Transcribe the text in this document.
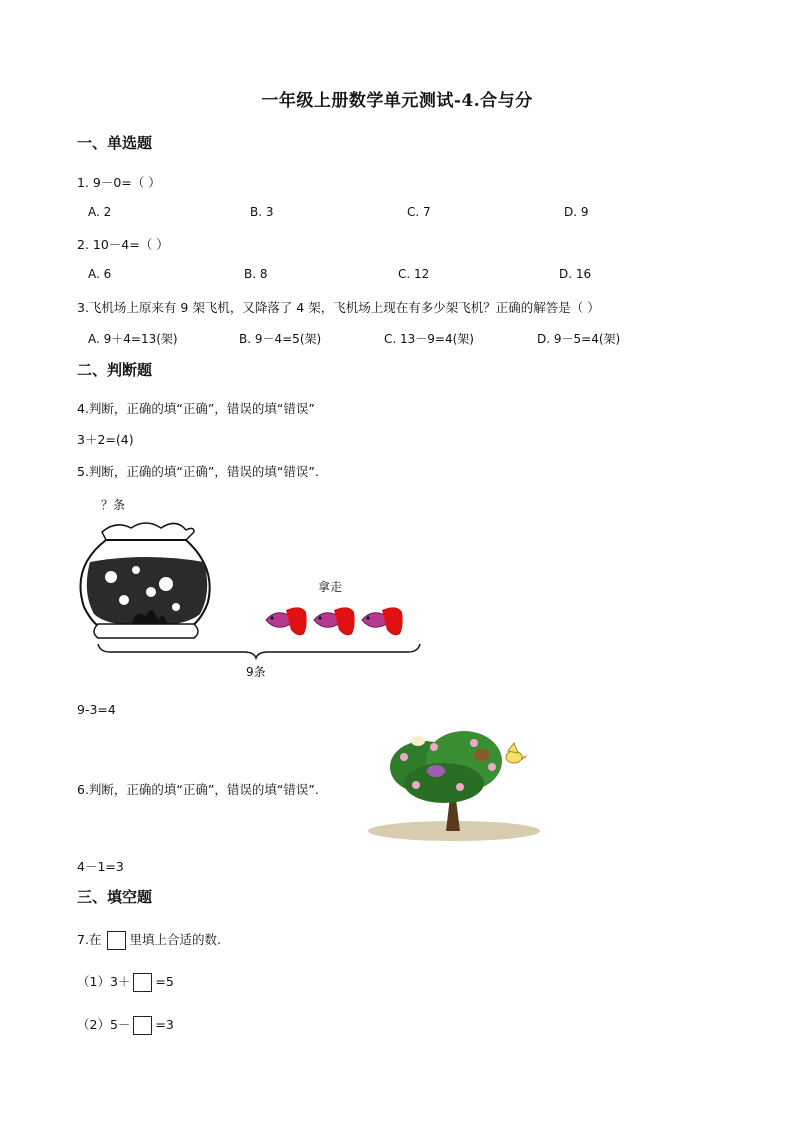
一年级上册数学单元测试-4.合与分
一、单选题
1. 9－0=（ ）
A. 2	B. 3	C. 7	D. 9
2. 10－4=（ ）
A. 6	B. 8	C. 12	D. 16
3.飞机场上原来有 9 架飞机，又降落了 4 架，飞机场上现在有多少架飞机？正确的解答是（ ）
A. 9＋4=13(架)	B. 9－4=5(架)	C. 13－9=4(架)	D. 9－5=4(架)
二、判断题
4.判断，正确的填“正确”，错误的填“错误”
3＋2=(4)
5.判断，正确的填“正确”，错误的填“错误”.
？条
拿走
9条
9-3=4
6.判断，正确的填“正确”，错误的填“错误”.
4－1=3
三、填空题
7.在 里填上合适的数.
（1）3＋ =5
（2）5－ =3
